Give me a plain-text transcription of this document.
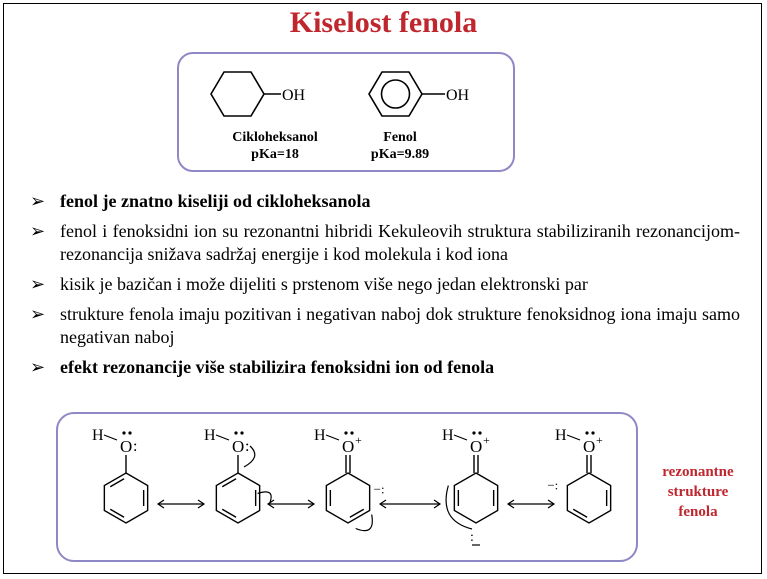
Kiselost fenola
OH	OH
Cikloheksanol
pKa=18
Fenol
pKa=9.89
➢ fenol je znatno kiseliji od cikloheksanola
➢ fenol i fenoksidni ion su rezonantni hibridi Kekuleovih struktura stabiliziranih rezonancijom- rezonancija snižava sadržaj energije i kod molekula i kod iona
➢ kisik je bazičan i može dijeliti s prstenom više nego jedan elektronski par
➢ strukture fenola imaju pozitivan i negativan naboj dok strukture fenoksidnog iona imaju samo negativan naboj
➢ efekt rezonancije više stabilizira fenoksidni ion od fenola
O
H
:	O
H
:	O
H +
−:
O
H +
:
O
H +
−:
rezonantne
strukture
fenola
